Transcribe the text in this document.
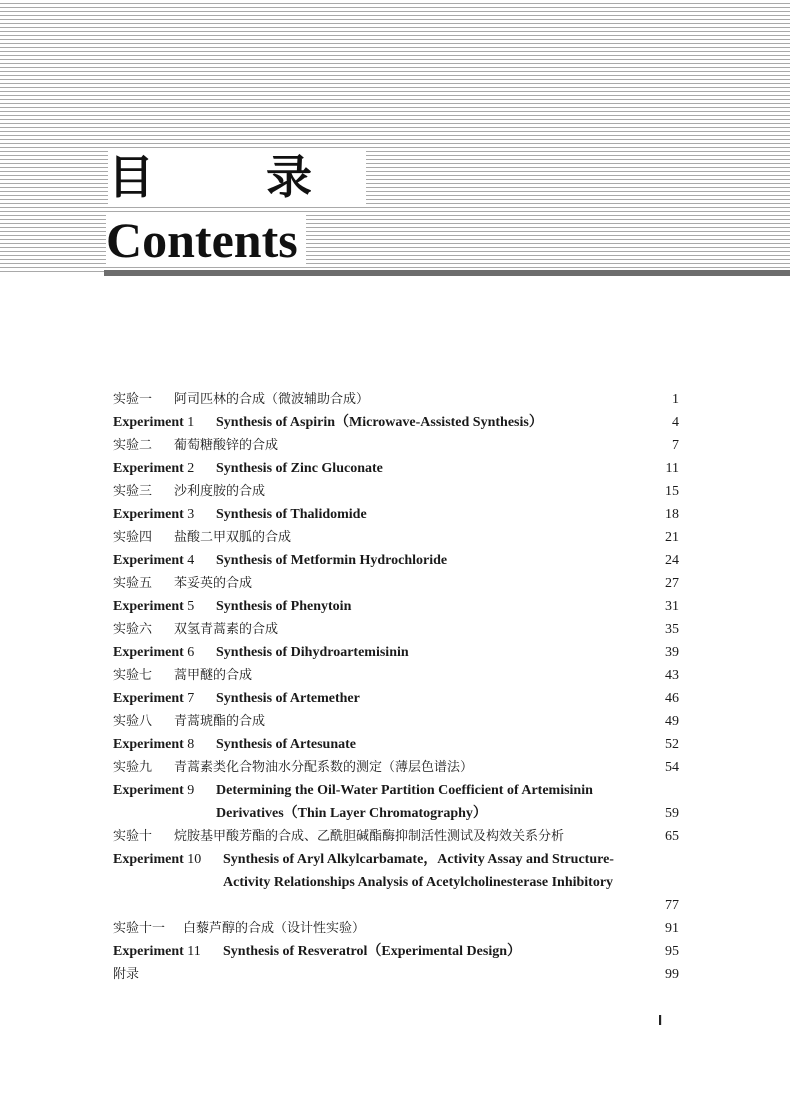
目 录
Contents
实验一	阿司匹林的合成（微波辅助合成）	1
Experiment 1	Synthesis of Aspirin（Microwave-Assisted Synthesis）	4
实验二	葡萄糖酸锌的合成	7
Experiment 2	Synthesis of Zinc Gluconate	11
实验三	沙利度胺的合成	15
Experiment 3	Synthesis of Thalidomide	18
实验四	盐酸二甲双胍的合成	21
Experiment 4	Synthesis of Metformin Hydrochloride	24
实验五	苯妥英的合成	27
Experiment 5	Synthesis of Phenytoin	31
实验六	双氢青蒿素的合成	35
Experiment 6	Synthesis of Dihydroartemisinin	39
实验七	蒿甲醚的合成	43
Experiment 7	Synthesis of Artemether	46
实验八	青蒿琥酯的合成	49
Experiment 8	Synthesis of Artesunate	52
实验九	青蒿素类化合物油水分配系数的测定（薄层色谱法）	54
Experiment 9	Determining the Oil-Water Partition Coefficient of Artemisinin
Derivatives（Thin Layer Chromatography）	59
实验十	烷胺基甲酸芳酯的合成、乙酰胆碱酯酶抑制活性测试及构效关系分析	65
Experiment 10	Synthesis of Aryl Alkylcarbamate，Activity Assay and Structure-
Activity Relationships Analysis of Acetylcholinesterase Inhibitory
77
实验十一	白藜芦醇的合成（设计性实验）	91
Experiment 11	Synthesis of Resveratrol（Experimental Design）	95
附录	99
I
